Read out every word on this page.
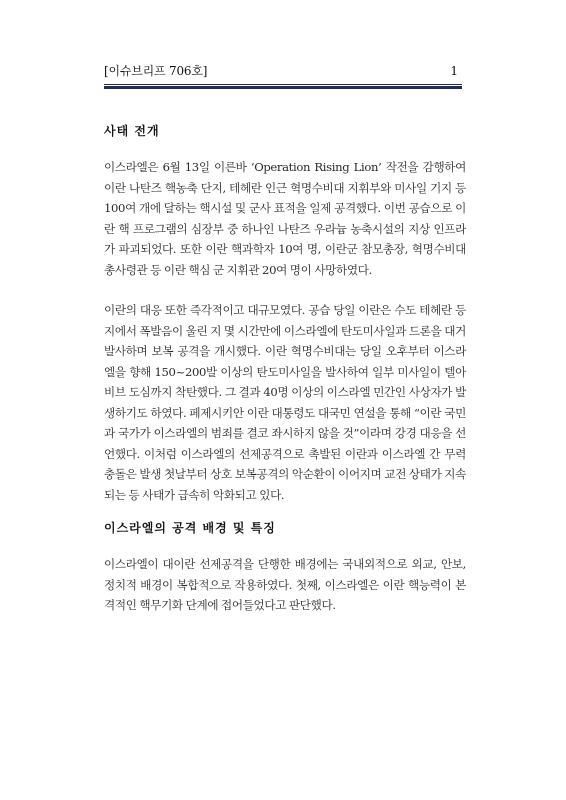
[이슈브리프 706호]	1
사태 전개

이스라엘은 6월 13일 이른바 ‘Operation Rising Lion’ 작전을 감행하여 이란 나탄즈 핵농축 단지, 테헤란 인근 혁명수비대 지휘부와 미사일 기지 등 100여 개에 달하는 핵시설 및 군사 표적을 일제 공격했다. 이번 공습으로 이란 핵 프로그램의 심장부 중 하나인 나탄즈 우라늄 농축시설의 지상 인프라가 파괴되었다. 또한 이란 핵과학자 10여 명, 이란군 참모총장, 혁명수비대 총사령관 등 이란 핵심 군 지휘관 20여 명이 사망하였다.

이란의 대응 또한 즉각적이고 대규모였다. 공습 당일 이란은 수도 테헤란 등지에서 폭발음이 울린 지 몇 시간만에 이스라엘에 탄도미사일과 드론을 대거 발사하며 보복 공격을 개시했다. 이란 혁명수비대는 당일 오후부터 이스라엘을 향해 150~200발 이상의 탄도미사일을 발사하여 일부 미사일이 텔아비브 도심까지 착탄했다. 그 결과 40명 이상의 이스라엘 민간인 사상자가 발생하기도 하였다. 페제시키안 이란 대통령도 대국민 연설을 통해 “이란 국민과 국가가 이스라엘의 범죄를 결코 좌시하지 않을 것”이라며 강경 대응을 선언했다. 이처럼 이스라엘의 선제공격으로 촉발된 이란과 이스라엘 간 무력충돌은 발생 첫날부터 상호 보복공격의 악순환이 이어지며 교전 상태가 지속되는 등 사태가 급속히 악화되고 있다.

이스라엘의 공격 배경 및 특징

이스라엘이 대이란 선제공격을 단행한 배경에는 국내외적으로 외교, 안보, 정치적 배경이 복합적으로 작용하였다. 첫째, 이스라엘은 이란 핵능력이 본격적인 핵무기화 단계에 접어들었다고 판단했다.
